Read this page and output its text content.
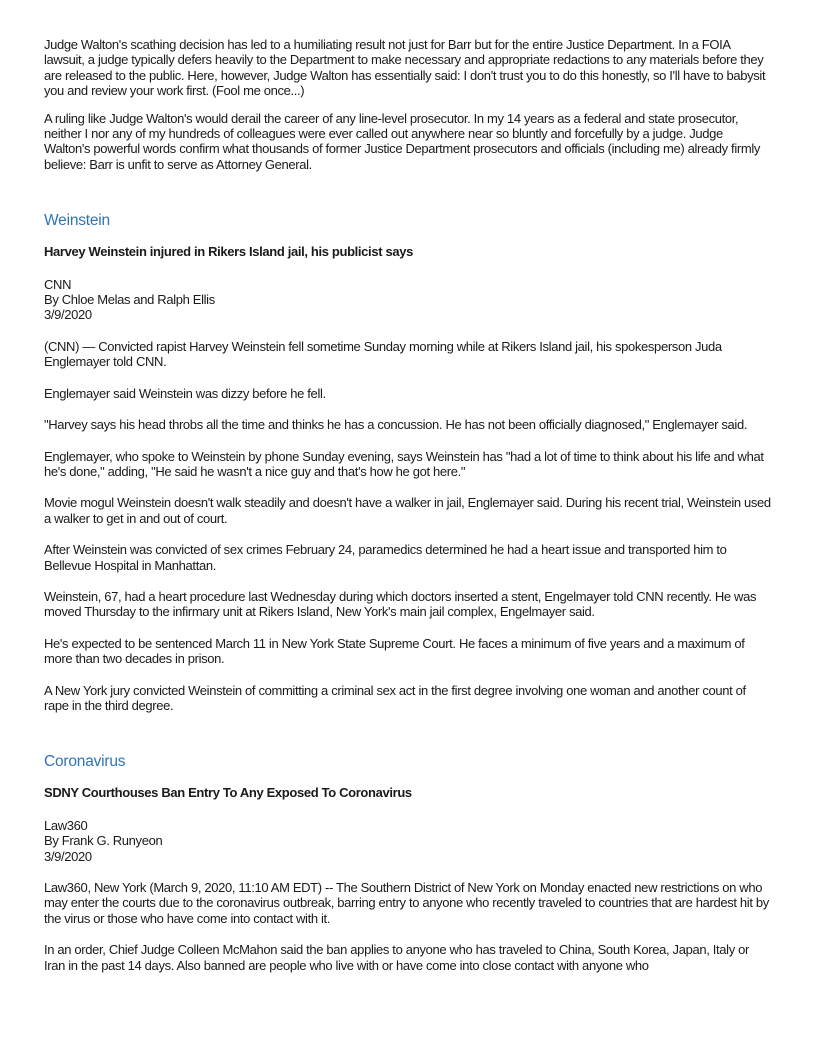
Judge Walton's scathing decision has led to a humiliating result not just for Barr but for the entire Justice Department. In a FOIA lawsuit, a judge typically defers heavily to the Department to make necessary and appropriate redactions to any materials before they are released to the public. Here, however, Judge Walton has essentially said: I don't trust you to do this honestly, so I'll have to babysit you and review your work first. (Fool me once...)

A ruling like Judge Walton's would derail the career of any line-level prosecutor. In my 14 years as a federal and state prosecutor, neither I nor any of my hundreds of colleagues were ever called out anywhere near so bluntly and forcefully by a judge. Judge Walton's powerful words confirm what thousands of former Justice Department prosecutors and officials (including me) already firmly believe: Barr is unfit to serve as Attorney General.

Weinstein

Harvey Weinstein injured in Rikers Island jail, his publicist says

CNN
By Chloe Melas and Ralph Ellis
3/9/2020

(CNN) — Convicted rapist Harvey Weinstein fell sometime Sunday morning while at Rikers Island jail, his spokesperson Juda Englemayer told CNN.

Englemayer said Weinstein was dizzy before he fell.

"Harvey says his head throbs all the time and thinks he has a concussion. He has not been officially diagnosed," Englemayer said.

Englemayer, who spoke to Weinstein by phone Sunday evening, says Weinstein has "had a lot of time to think about his life and what he's done," adding, "He said he wasn't a nice guy and that's how he got here."

Movie mogul Weinstein doesn't walk steadily and doesn't have a walker in jail, Englemayer said. During his recent trial, Weinstein used a walker to get in and out of court.

After Weinstein was convicted of sex crimes February 24, paramedics determined he had a heart issue and transported him to Bellevue Hospital in Manhattan.

Weinstein, 67, had a heart procedure last Wednesday during which doctors inserted a stent, Engelmayer told CNN recently. He was moved Thursday to the infirmary unit at Rikers Island, New York's main jail complex, Engelmayer said.

He's expected to be sentenced March 11 in New York State Supreme Court. He faces a minimum of five years and a maximum of more than two decades in prison.

A New York jury convicted Weinstein of committing a criminal sex act in the first degree involving one woman and another count of rape in the third degree.

Coronavirus

SDNY Courthouses Ban Entry To Any Exposed To Coronavirus

Law360
By Frank G. Runyeon
3/9/2020

Law360, New York (March 9, 2020, 11:10 AM EDT) -- The Southern District of New York on Monday enacted new restrictions on who may enter the courts due to the coronavirus outbreak, barring entry to anyone who recently traveled to countries that are hardest hit by the virus or those who have come into contact with it.

In an order, Chief Judge Colleen McMahon said the ban applies to anyone who has traveled to China, South Korea, Japan, Italy or Iran in the past 14 days. Also banned are people who live with or have come into close contact with anyone who
